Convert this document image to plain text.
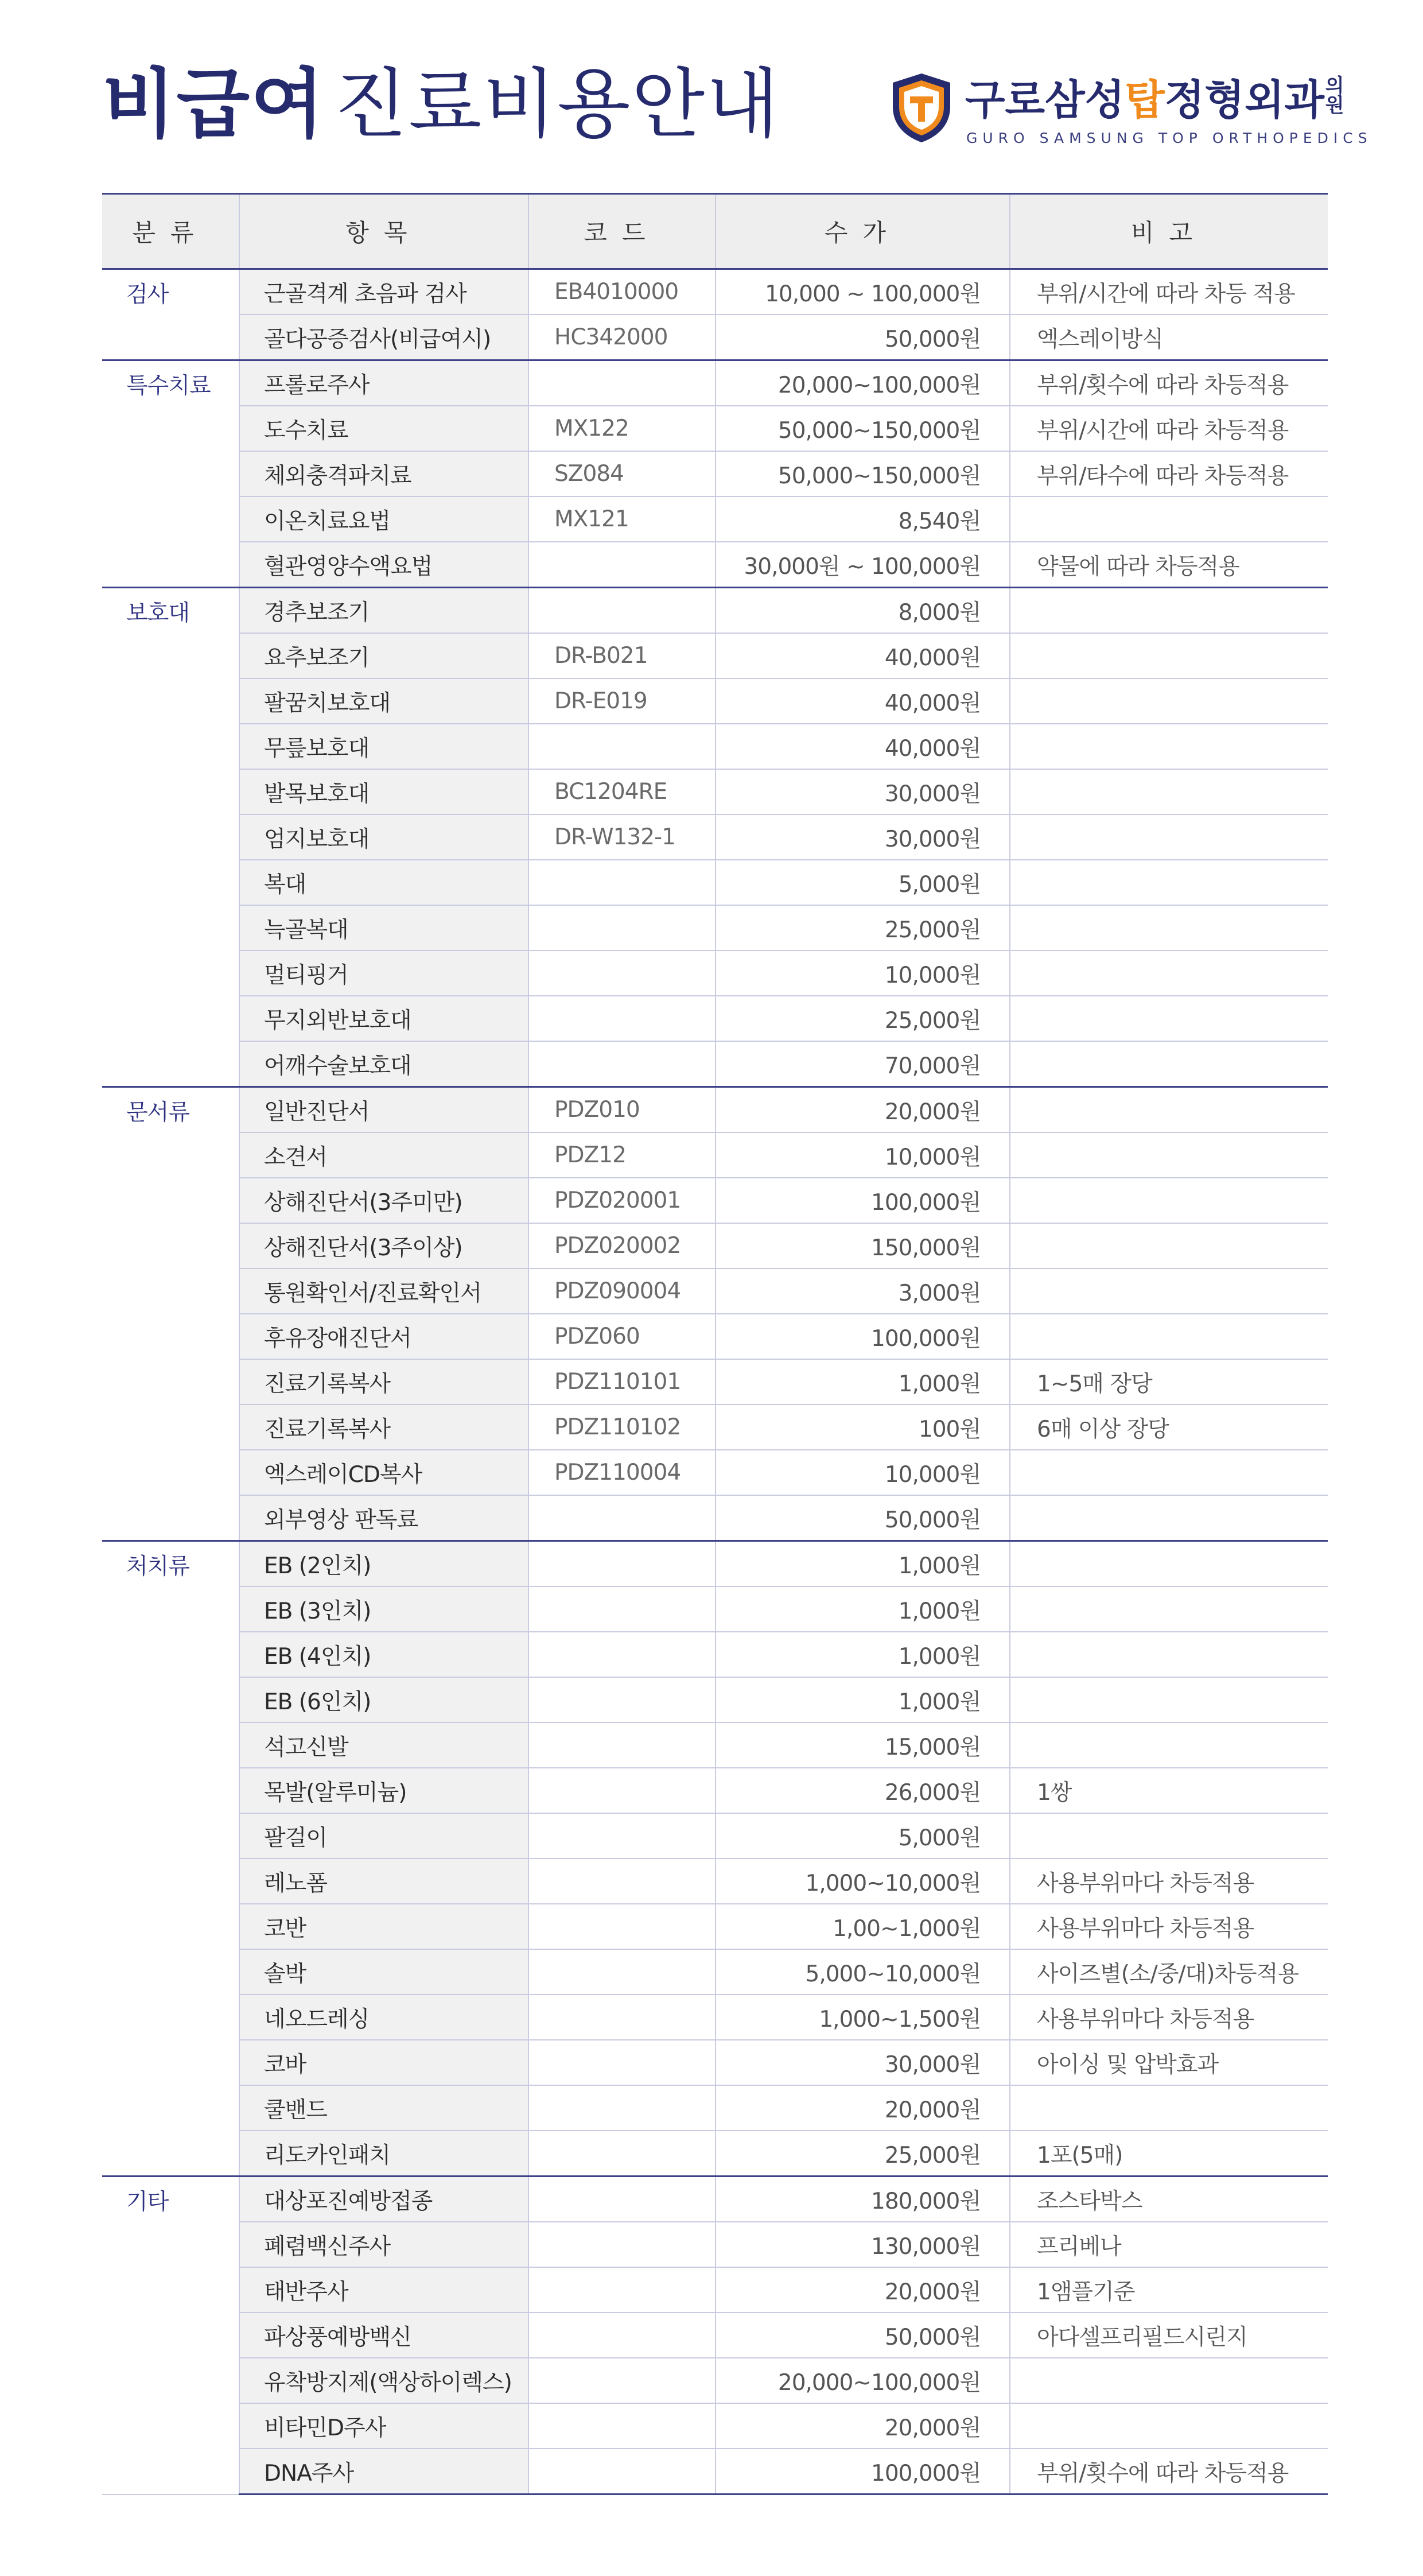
비급여 진료비용안내	구로삼성탑정형외과의
원
GURO SAMSUNG TOP ORTHOPEDICS
분류	항목	코드	수가	비고
검사	근골격계 초음파 검사	EB4010000	10,000 ~ 100,000원	부위/시간에 따라 차등 적용
	골다공증검사(비급여시)	HC342000	50,000원	엑스레이방식
특수치료	프롤로주사		20,000~100,000원	부위/횟수에 따라 차등적용
	도수치료	MX122	50,000~150,000원	부위/시간에 따라 차등적용
	체외충격파치료	SZ084	50,000~150,000원	부위/타수에 따라 차등적용
	이온치료요법	MX121	8,540원	
	혈관영양수액요법		30,000원 ~ 100,000원	약물에 따라 차등적용
보호대	경추보조기		8,000원	
	요추보조기	DR-B021	40,000원	
	팔꿈치보호대	DR-E019	40,000원	
	무릎보호대		40,000원	
	발목보호대	BC1204RE	30,000원	
	엄지보호대	DR-W132-1	30,000원	
	복대		5,000원	
	늑골복대		25,000원	
	멀티핑거		10,000원	
	무지외반보호대		25,000원	
	어깨수술보호대		70,000원	
문서류	일반진단서	PDZ010	20,000원	
	소견서	PDZ12	10,000원	
	상해진단서(3주미만)	PDZ020001	100,000원	
	상해진단서(3주이상)	PDZ020002	150,000원	
	통원확인서/진료확인서	PDZ090004	3,000원	
	후유장애진단서	PDZ060	100,000원	
	진료기록복사	PDZ110101	1,000원	1~5매 장당
	진료기록복사	PDZ110102	100원	6매 이상 장당
	엑스레이CD복사	PDZ110004	10,000원	
	외부영상 판독료		50,000원	
처치류	EB (2인치)		1,000원	
	EB (3인치)		1,000원	
	EB (4인치)		1,000원	
	EB (6인치)		1,000원	
	석고신발		15,000원	
	목발(알루미늄)		26,000원	1쌍
	팔걸이		5,000원	
	레노폼		1,000~10,000원	사용부위마다 차등적용
	코반		1,00~1,000원	사용부위마다 차등적용
	솔박		5,000~10,000원	사이즈별(소/중/대)차등적용
	네오드레싱		1,000~1,500원	사용부위마다 차등적용
	코바		30,000원	아이싱 및 압박효과
	쿨밴드		20,000원	
	리도카인패치		25,000원	1포(5매)
기타	대상포진예방접종		180,000원	조스타박스
	폐렴백신주사		130,000원	프리베나
	태반주사		20,000원	1앰플기준
	파상풍예방백신		50,000원	아다셀프리필드시린지
	유착방지제(액상하이렉스)		20,000~100,000원	
	비타민D주사		20,000원	
	DNA주사		100,000원	부위/횟수에 따라 차등적용
